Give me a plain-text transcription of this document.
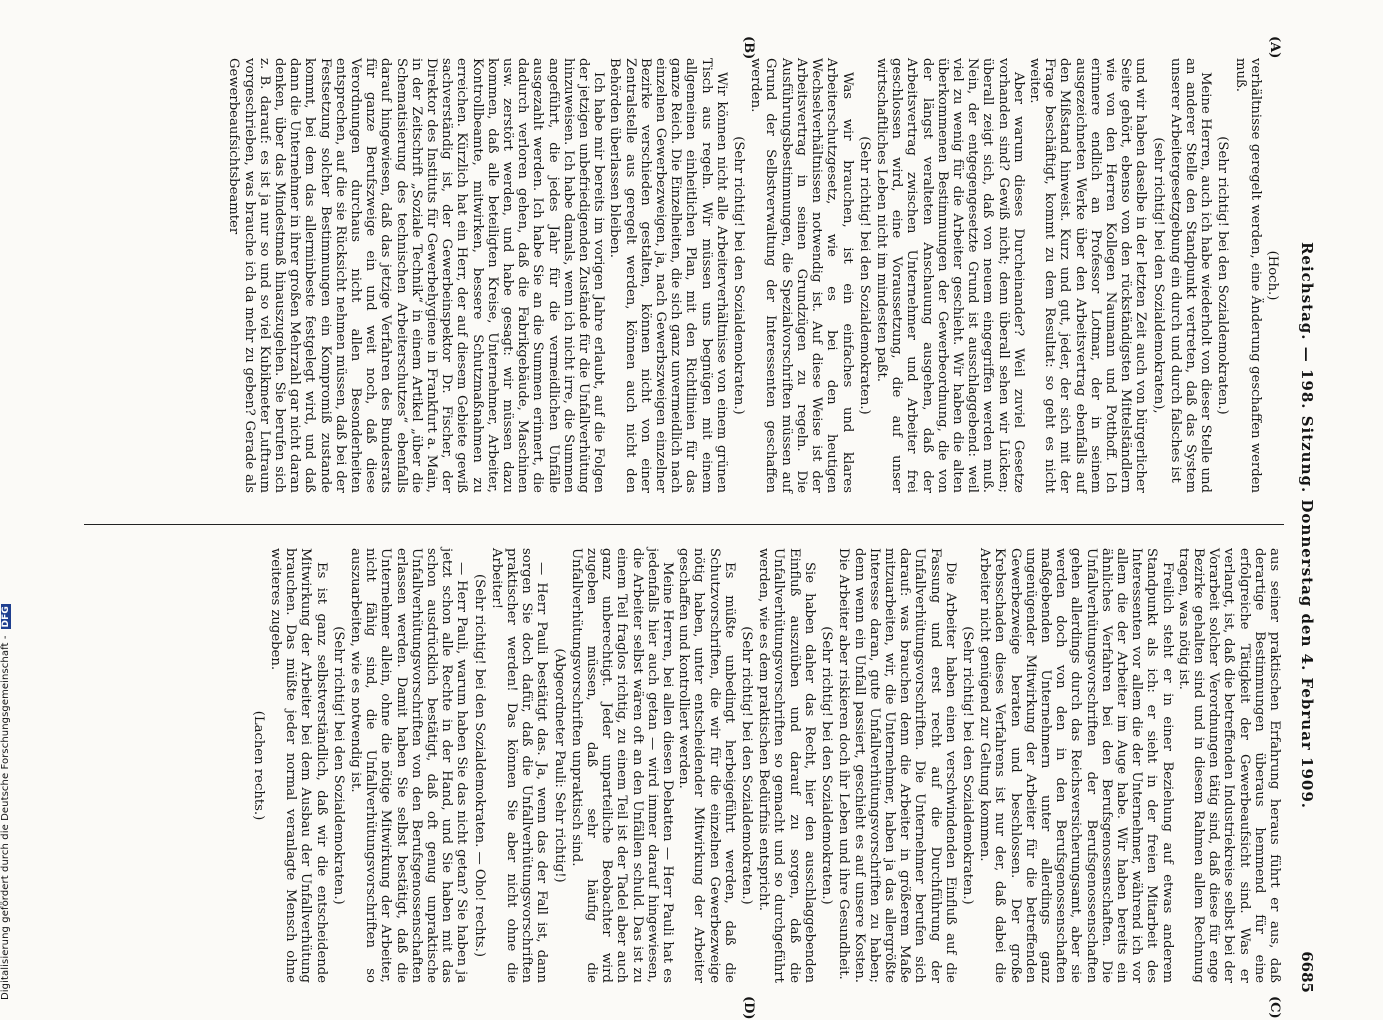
Reichstag. — 198. Sitzung. Donnerstag den 4. Februar 1909.
6685
(A)
(B)
(C)
(D)

(Hoch.)

verhältnisse geregelt werden, eine Änderung geschaffen werden muß.

(Sehr richtig! bei den Sozialdemokraten.)

Meine Herren, auch ich habe wiederholt von dieser Stelle und an anderer Stelle den Standpunkt vertreten, daß das System unserer Arbeitergesetzgebung ein durch und durch falsches ist

(sehr richtig! bei den Sozialdemokraten),

und wir haben daselbe in der letzten Zeit auch von bürgerlicher Seite gehört, ebenso von den rückständigsten Mittelständlern wie von den Herren Kollegen Naumann und Potthoff. Ich erinnere endlich an Professor Lotmar, der in seinem ausgezeichneten Werke über den Arbeitsvertrag ebenfalls auf den Mißstand hinweist. Kurz und gut, jeder, der sich mit der Frage beschäftigt, kommt zu dem Resultat: so geht es nicht weiter.

Aber warum dieses Durcheinander? Weil zuviel Gesetze vorhanden sind? Gewiß nicht; denn überall sehen wir Lücken; überall zeigt sich, daß von neuem eingegriffen werden muß. Nein, der entgegengesetzte Grund ist ausschlaggebend: weil viel zu wenig für die Arbeiter geschieht. Wir haben die alten überkommenen Bestimmungen der Gewerbeordnung, die von der längst veralteten Anschauung ausgehen, daß der Arbeitsvertrag zwischen Unternehmer und Arbeiter frei geschlossen wird, eine Voraussetzung, die auf unser wirtschaftliches Leben nicht im mindesten paßt.

(Sehr richtig! bei den Sozialdemokraten.)

Was wir brauchen, ist ein einfaches und klares Arbeiterschutzgesetz, wie es bei den heutigen Wechselverhältnissen notwendig ist. Auf diese Weise ist der Arbeitsvertrag in seinen Grundzügen zu regeln. Die Ausführungsbestimmungen, die Spezialvorschriften müssen auf Grund der Selbstverwaltung der Interessenten geschaffen werden.

(Sehr richtig! bei den Sozialdemokraten.)

Wir können nicht alle Arbeiterverhältnisse von einem grünen Tisch aus regeln. Wir müssen uns begnügen mit einem allgemeinen einheitlichen Plan, mit den Richtlinien für das ganze Reich. Die Einzelheiten, die sich ganz unvermeidlich nach einzelnen Gewerbezweigen, ja, nach Gewerbszweigen einzelner Bezirke verschieden gestalten, können nicht von einer Zentralstelle aus geregelt werden, können auch nicht den Behörden überlassen bleiben.

Ich habe mir bereits im vorigen Jahre erlaubt, auf die Folgen der jetzigen unbefriedigenden Zustände für die Unfallverhütung hinzuweisen. Ich habe damals, wenn ich nicht irre, die Summen angeführt, die jedes Jahr für die vermeidlichen Unfälle ausgezahlt werden. Ich habe Sie an die Summen erinnert, die dadurch verloren gehen, daß die Fabrikgebäude, Maschinen usw. zerstört werden, und habe gesagt: wir müssen dazu kommen, daß alle beteiligten Kreise, Unternehmer, Arbeiter, Kontrollbeamte, mitwirken, bessere Schutzmaßnahmen zu erreichen. Kürzlich hat ein Herr, der auf diesem Gebiete gewiß sachverständig ist, der Gewerbeinspektor Dr. Fischer, der Direktor des Instituts für Gewerbehygiene in Frankfurt a. Main, in der Zeitschrift „Soziale Technik“ in einem Artikel „über die Schematisierung des technischen Arbeiterschutzes“ ebenfalls darauf hingewiesen, daß das jetzige Verfahren des Bundesrats für ganze Berufszweige ein und weit noch, daß diese Verordnungen durchaus nicht allen Besonderheiten entsprechen, auf die sie Rücksicht nehmen müssen, daß bei der Festsetzung solcher Bestimmungen ein Kompromiß zustande kommt, bei dem das allerminbeste festgelegt wird, und daß dann die Unternehmer in ihrer großen Mehrzahl gar nicht daran denken, über das Mindestmaß hinauszugehen. Sie berufen sich z. B. darauf: es ist ja nur so und so viel Kubikmeter Luftraum vorgeschrieben, was brauche ich da mehr zu geben? Gerade als Gewerbeaufsichtsbeamter

aus seiner praktischen Erfahrung heraus führt er aus, daß derartige Bestimmungen überaus hemmend für eine erfolgreiche Tätigkeit der Gewerbeaufsicht sind. Was er verlangt, ist, daß die betreffenden Industriekreise selbst bei der Vorarbeit solcher Verordnungen tätig sind, daß diese für enge Bezirke gehalten sind und in diesem Rahmen allem Rechnung tragen, was nötig ist.

Freilich steht er in einer Beziehung auf etwas anderem Standpunkt als ich: er sieht in der freien Mitarbeit des Interessenten vor allem die der Unternehmer, während ich vor allem die der Arbeiter im Auge habe. Wir haben bereits ein ähnliches Verfahren bei den Berufsgenossenschaften. Die Unfallverhütungsvorschriften der Berufsgenossenschaften gehen allerdings durch das Reichsversicherungsamt, aber sie werden doch von den in den Berufsgenossenschaften maßgebenden Unternehmern unter allerdings ganz ungenügender Mitwirkung der Arbeiter für die betreffenden Gewerbezweige beraten und beschlossen. Der große Krebsschaden dieses Verfahrens ist nur der, daß dabei die Arbeiter nicht genügend zur Geltung kommen.

(Sehr richtig! bei den Sozialdemokraten.)

Die Arbeiter haben einen verschwindenden Einfluß auf die Fassung und erst recht auf die Durchführung der Unfallverhütungsvorschriften. Die Unternehmer berufen sich darauf: was brauchen denn die Arbeiter in größerem Maße mitzuarbeiten, wir, die Unternehmer, haben ja das allergrößte Interesse daran, gute Unfallverhütungsvorschriften zu haben; denn wenn ein Unfall passiert, geschieht es auf unsere Kosten. Die Arbeiter aber riskieren doch ihr Leben und ihre Gesundheit.

(Sehr richtig! bei den Sozialdemokraten.)

Sie haben daher das Recht, hier den ausschlaggebenden Einfluß auszuüben und darauf zu sorgen, daß die Unfallverhütungsvorschriften so gemacht und so durchgeführt werden, wie es dem praktischen Bedürfnis entspricht.

(Sehr richtig! bei den Sozialdemokraten.)

Es müßte unbedingt herbeigeführt werden, daß die Schutzvorschriften, die wir für die einzelnen Gewerbezweige nötig haben, unter entscheidender Mitwirkung der Arbeiter geschaffen und kontrolliert werden.

Meine Herren, bei allen diesen Debatten — Herr Pauli hat es jedenfalls hier auch getan — wird immer darauf hingewiesen, die Arbeiter selbst wären oft an den Unfällen schuld. Das ist zu einem Teil fraglos richtig, zu einem Teil ist der Tadel aber auch ganz unberechtigt. Jeder unparteiliche Beobachter wird zugeben müssen, daß sehr häufig die Unfallverhütungsvorschriften unpraktisch sind.

(Abgeordneter Pauli: Sehr richtig!)

— Herr Pauli bestätigt das. Ja, wenn das der Fall ist, dann sorgen Sie doch dafür, daß die Unfallverhütungsvorschriften praktischer werden! Das können Sie aber nicht ohne die Arbeiter!

(Sehr richtig! bei den Sozialdemokraten. — Oho! rechts.)

— Herr Pauli, warum haben Sie das nicht getan? Sie haben ja jetzt schon alle Rechte in der Hand, und Sie haben mit das schon ausdrücklich bestätigt, daß oft genug unpraktische Unfallverhütungsvorschriften von den Berufsgenossenschaften erlassen werden. Damit haben Sie selbst bestätigt, daß die Unternehmer allein, ohne die nötige Mitwirkung der Arbeiter, nicht fähig sind, die Unfallverhütungsvorschriften so auszuarbeiten, wie es notwendig ist.

(Sehr richtig! bei den Sozialdemokraten.)

Es ist ganz selbstverständlich, daß wir die entscheidende Mitwirkung der Arbeiter bei dem Ausbau der Unfallverhütung brauchen. Das müßte jeder normal veranlagte Mensch ohne weiteres zugeben.

(Lachen rechts.)

Digitalisierung gefördert durch die Deutsche Forschungsgemeinschaft -DFG
